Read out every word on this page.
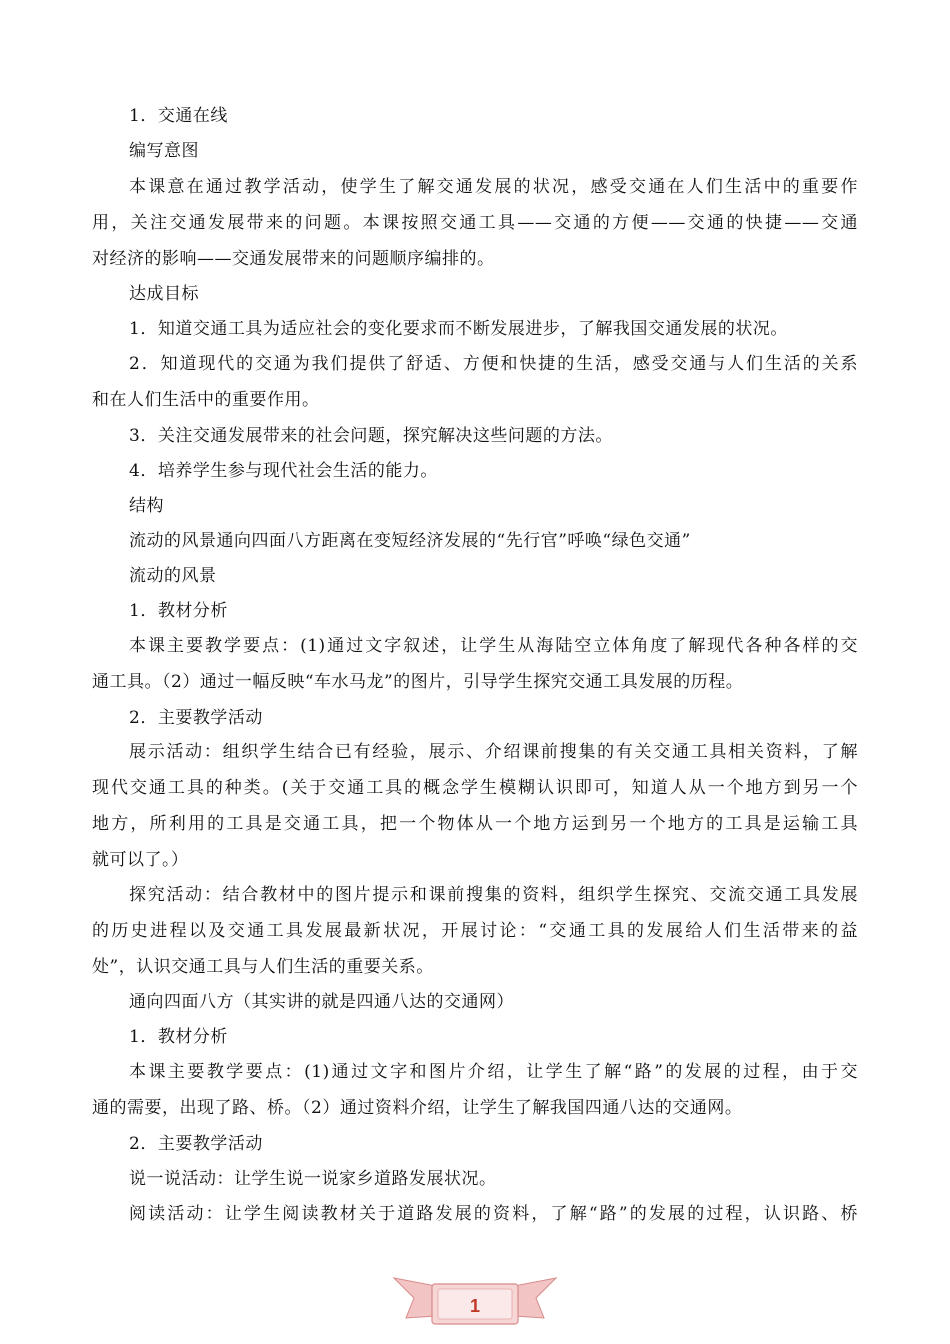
1．交通在线

编写意图

本课意在通过教学活动，使学生了解交通发展的状况，感受交通在人们生活中的重要作

用，关注交通发展带来的问题。本课按照交通工具——交通的方便——交通的快捷——交通

对经济的影响——交通发展带来的问题顺序编排的。

达成目标

1．知道交通工具为适应社会的变化要求而不断发展进步，了解我国交通发展的状况。

2．知道现代的交通为我们提供了舒适、方便和快捷的生活，感受交通与人们生活的关系

和在人们生活中的重要作用。

3．关注交通发展带来的社会问题，探究解决这些问题的方法。

4．培养学生参与现代社会生活的能力。

结构

流动的风景通向四面八方距离在变短经济发展的“先行官”呼唤“绿色交通”

流动的风景

1．教材分析

本课主要教学要点：(1)通过文字叙述，让学生从海陆空立体角度了解现代各种各样的交

通工具。（2）通过一幅反映“车水马龙”的图片，引导学生探究交通工具发展的历程。

2．主要教学活动

展示活动：组织学生结合已有经验，展示、介绍课前搜集的有关交通工具相关资料，了解

现代交通工具的种类。(关于交通工具的概念学生模糊认识即可，知道人从一个地方到另一个

地方，所利用的工具是交通工具，把一个物体从一个地方运到另一个地方的工具是运输工具

就可以了。）

探究活动：结合教材中的图片提示和课前搜集的资料，组织学生探究、交流交通工具发展

的历史进程以及交通工具发展最新状况，开展讨论：“交通工具的发展给人们生活带来的益

处”，认识交通工具与人们生活的重要关系。

通向四面八方（其实讲的就是四通八达的交通网）

1．教材分析

本课主要教学要点：(1)通过文字和图片介绍，让学生了解“路”的发展的过程，由于交

通的需要，出现了路、桥。（2）通过资料介绍，让学生了解我国四通八达的交通网。

2．主要教学活动

说一说活动：让学生说一说家乡道路发展状况。

阅读活动：让学生阅读教材关于道路发展的资料，了解“路”的发展的过程，认识路、桥

1
